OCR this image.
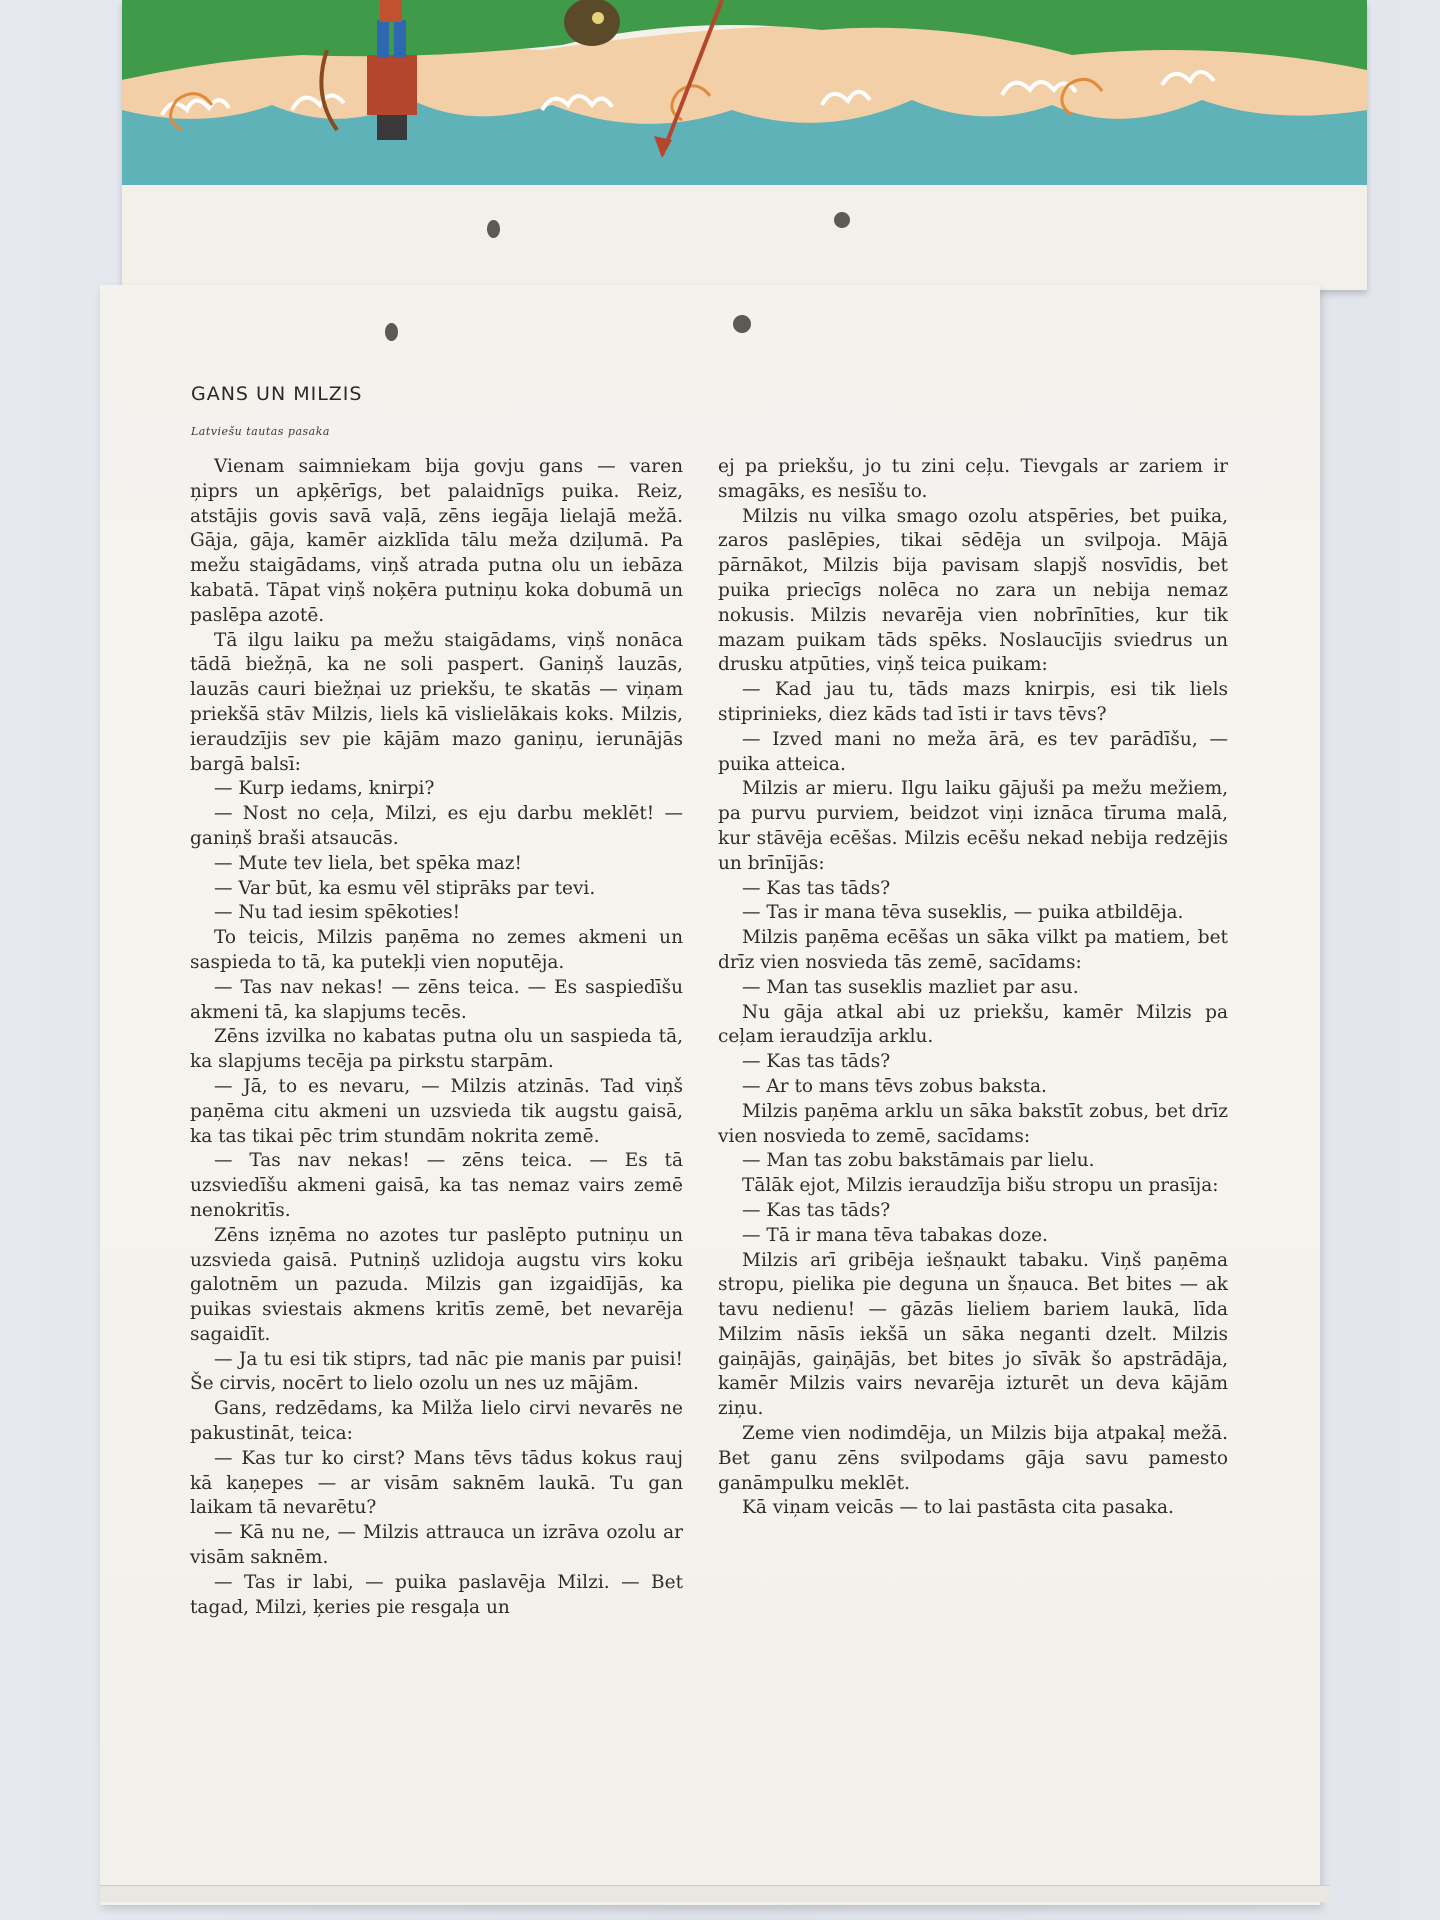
GANS UN MILZIS
Latviešu tautas pasaka

Vienam saimniekam bija govju gans — varen ņiprs un apķērīgs, bet palaidnīgs puika. Reiz, atstājis govis savā vaļā, zēns iegāja lielajā mežā. Gāja, gāja, kamēr aizklīda tālu meža dziļumā. Pa mežu staigādams, viņš atrada putna olu un iebāza kabatā. Tāpat viņš noķēra putniņu koka dobumā un paslēpa azotē.

Tā ilgu laiku pa mežu staigādams, viņš nonāca tādā biežņā, ka ne soli paspert. Ganiņš lauzās, lauzās cauri biežņai uz priekšu, te skatās — viņam priekšā stāv Milzis, liels kā vislielākais koks. Milzis, ieraudzījis sev pie kājām mazo ganiņu, ierunājās bargā balsī:

— Kurp iedams, knirpi?

— Nost no ceļa, Milzi, es eju darbu meklēt! — ganiņš braši atsaucās.

— Mute tev liela, bet spēka maz!

— Var būt, ka esmu vēl stiprāks par tevi.

— Nu tad iesim spēkoties!

To teicis, Milzis paņēma no zemes akmeni un saspieda to tā, ka putekļi vien noputēja.

— Tas nav nekas! — zēns teica. — Es saspiedīšu akmeni tā, ka slapjums tecēs.

Zēns izvilka no kabatas putna olu un saspieda tā, ka slapjums tecēja pa pirkstu starpām.

— Jā, to es nevaru, — Milzis atzinās. Tad viņš paņēma citu akmeni un uzsvieda tik augstu gaisā, ka tas tikai pēc trim stundām nokrita zemē.

— Tas nav nekas! — zēns teica. — Es tā uzsviedīšu akmeni gaisā, ka tas nemaz vairs zemē nenokritīs.

Zēns izņēma no azotes tur paslēpto putniņu un uzsvieda gaisā. Putniņš uzlidoja augstu virs koku galotnēm un pazuda. Milzis gan izgaidījās, ka puikas sviestais akmens kritīs zemē, bet nevarēja sagaidīt.

— Ja tu esi tik stiprs, tad nāc pie manis par puisi! Še cirvis, nocērt to lielo ozolu un nes uz mājām.

Gans, redzēdams, ka Milža lielo cirvi nevarēs ne pakustināt, teica:

— Kas tur ko cirst? Mans tēvs tādus kokus rauj kā kaņepes — ar visām saknēm laukā. Tu gan laikam tā nevarētu?

— Kā nu ne, — Milzis attrauca un izrāva ozolu ar visām saknēm.

— Tas ir labi, — puika paslavēja Milzi. — Bet tagad, Milzi, ķeries pie resgaļa un

ej pa priekšu, jo tu zini ceļu. Tievgals ar zariem ir smagāks, es nesīšu to.

Milzis nu vilka smago ozolu atspēries, bet puika, zaros paslēpies, tikai sēdēja un svilpoja. Mājā pārnākot, Milzis bija pavisam slapjš nosvīdis, bet puika priecīgs nolēca no zara un nebija nemaz nokusis. Milzis nevarēja vien nobrīnīties, kur tik mazam puikam tāds spēks. Noslaucījis sviedrus un drusku atpūties, viņš teica puikam:

— Kad jau tu, tāds mazs knirpis, esi tik liels stiprinieks, diez kāds tad īsti ir tavs tēvs?

— Izved mani no meža ārā, es tev parādīšu, — puika atteica.

Milzis ar mieru. Ilgu laiku gājuši pa mežu mežiem, pa purvu purviem, beidzot viņi iznāca tīruma malā, kur stāvēja ecēšas. Milzis ecēšu nekad nebija redzējis un brīnījās:

— Kas tas tāds?

— Tas ir mana tēva suseklis, — puika atbildēja.

Milzis paņēma ecēšas un sāka vilkt pa matiem, bet drīz vien nosvieda tās zemē, sacīdams:

— Man tas suseklis mazliet par asu.

Nu gāja atkal abi uz priekšu, kamēr Milzis pa ceļam ieraudzīja arklu.

— Kas tas tāds?

— Ar to mans tēvs zobus baksta.

Milzis paņēma arklu un sāka bakstīt zobus, bet drīz vien nosvieda to zemē, sacīdams:

— Man tas zobu bakstāmais par lielu.

Tālāk ejot, Milzis ieraudzīja bišu stropu un prasīja:

— Kas tas tāds?

— Tā ir mana tēva tabakas doze.

Milzis arī gribēja iešņaukt tabaku. Viņš paņēma stropu, pielika pie deguna un šņauca. Bet bites — ak tavu nedienu! — gāzās lieliem bariem laukā, līda Milzim nāsīs iekšā un sāka neganti dzelt. Milzis gaiņājās, gaiņājās, bet bites jo sīvāk šo apstrādāja, kamēr Milzis vairs nevarēja izturēt un deva kājām ziņu.

Zeme vien nodimdēja, un Milzis bija atpakaļ mežā. Bet ganu zēns svilpodams gāja savu pamesto ganāmpulku meklēt.

Kā viņam veicās — to lai pastāsta cita pasaka.
